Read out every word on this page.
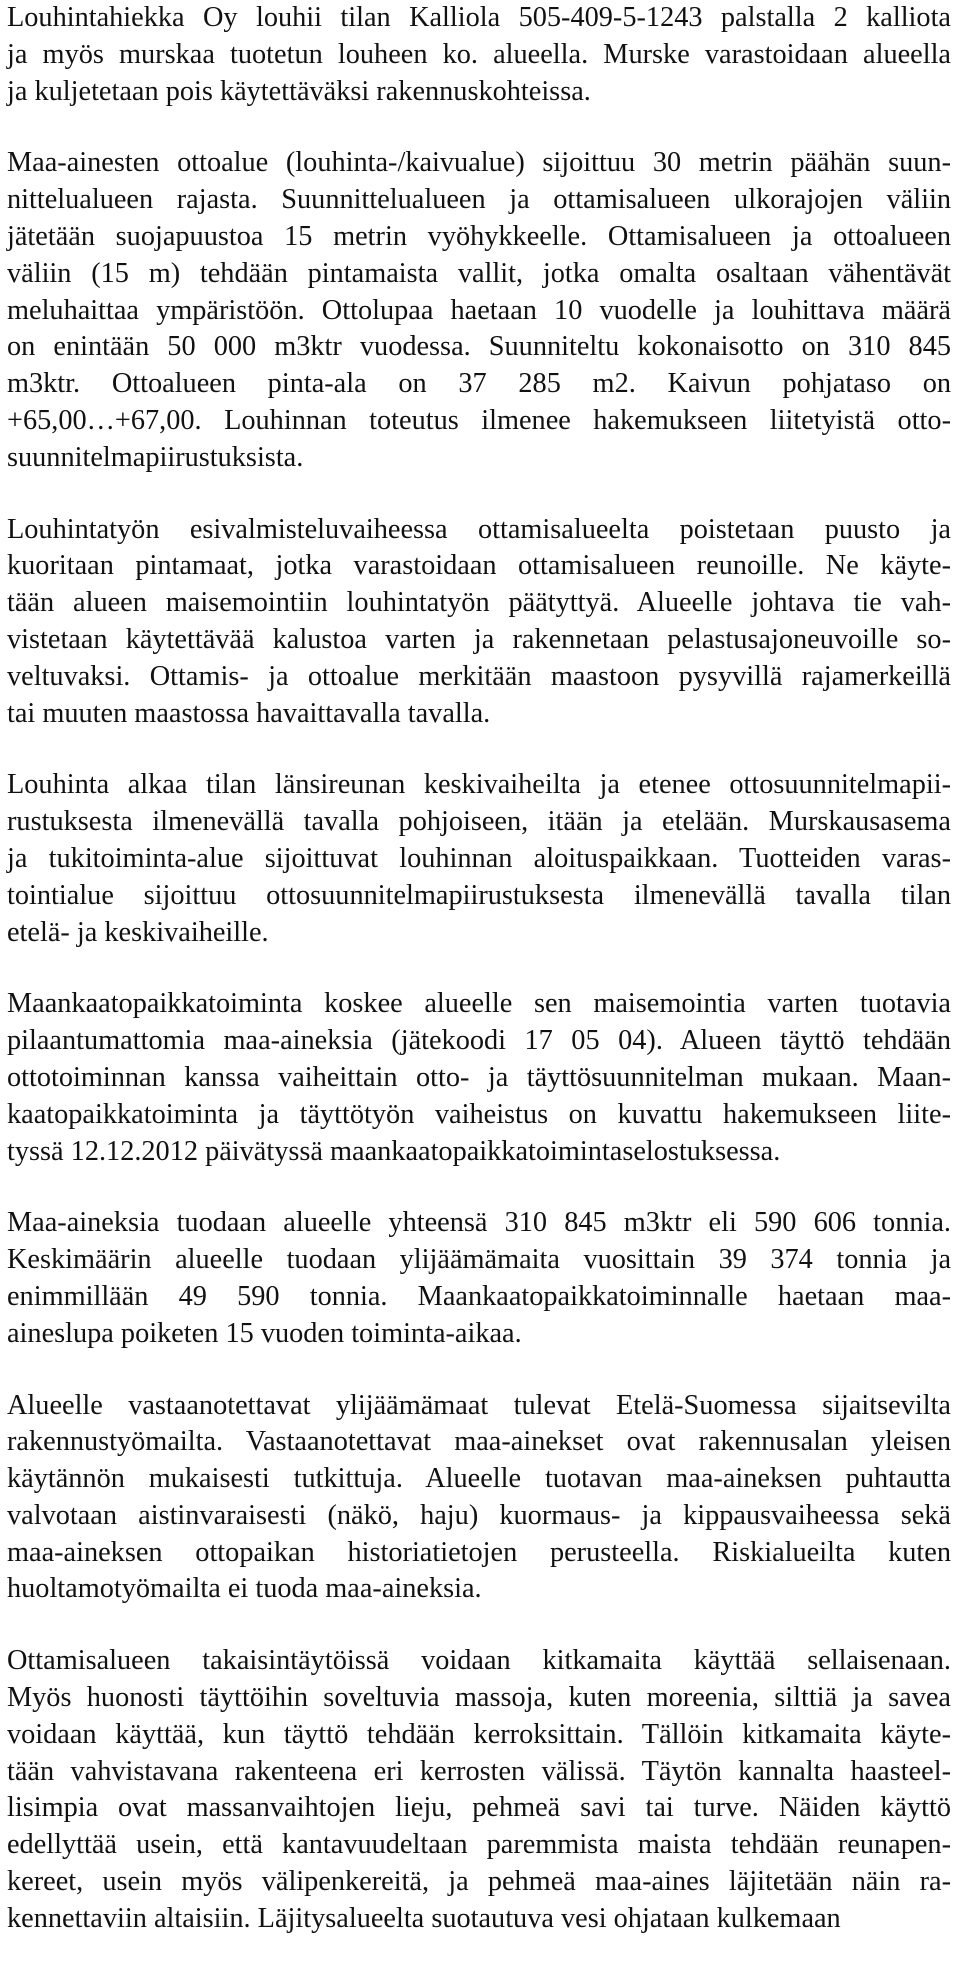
Louhintahiekka Oy louhii tilan Kalliola 505-409-5-1243 palstalla 2 kalliota
ja myös murskaa tuotetun louheen ko. alueella. Murske varastoidaan alueella
ja kuljetetaan pois käytettäväksi rakennuskohteissa.

Maa-ainesten ottoalue (louhinta-/kaivualue) sijoittuu 30 metrin päähän suun-
nittelualueen rajasta. Suunnittelualueen ja ottamisalueen ulkorajojen väliin
jätetään suojapuustoa 15 metrin vyöhykkeelle. Ottamisalueen ja ottoalueen
väliin (15 m) tehdään pintamaista vallit, jotka omalta osaltaan vähentävät
meluhaittaa ympäristöön. Ottolupaa haetaan 10 vuodelle ja louhittava määrä
on enintään 50 000 m3ktr vuodessa. Suunniteltu kokonaisotto on 310 845
m3ktr. Ottoalueen pinta-ala on 37 285 m2. Kaivun pohjataso on
+65,00…+67,00. Louhinnan toteutus ilmenee hakemukseen liitetyistä otto-
suunnitelmapiirustuksista.

Louhintatyön esivalmisteluvaiheessa ottamisalueelta poistetaan puusto ja
kuoritaan pintamaat, jotka varastoidaan ottamisalueen reunoille. Ne käyte-
tään alueen maisemointiin louhintatyön päätyttyä. Alueelle johtava tie vah-
vistetaan käytettävää kalustoa varten ja rakennetaan pelastusajoneuvoille so-
veltuvaksi. Ottamis- ja ottoalue merkitään maastoon pysyvillä rajamerkeillä
tai muuten maastossa havaittavalla tavalla.

Louhinta alkaa tilan länsireunan keskivaiheilta ja etenee ottosuunnitelmapii-
rustuksesta ilmenevällä tavalla pohjoiseen, itään ja etelään. Murskausasema
ja tukitoiminta-alue sijoittuvat louhinnan aloituspaikkaan. Tuotteiden varas-
tointialue sijoittuu ottosuunnitelmapiirustuksesta ilmenevällä tavalla tilan
etelä- ja keskivaiheille.

Maankaatopaikkatoiminta koskee alueelle sen maisemointia varten tuotavia
pilaantumattomia maa-aineksia (jätekoodi 17 05 04). Alueen täyttö tehdään
ottotoiminnan kanssa vaiheittain otto- ja täyttösuunnitelman mukaan. Maan-
kaatopaikkatoiminta ja täyttötyön vaiheistus on kuvattu hakemukseen liite-
tyssä 12.12.2012 päivätyssä maankaatopaikkatoimintaselostuksessa.

Maa-aineksia tuodaan alueelle yhteensä 310 845 m3ktr eli 590 606 tonnia.
Keskimäärin alueelle tuodaan ylijäämämaita vuosittain 39 374 tonnia ja
enimmillään 49 590 tonnia. Maankaatopaikkatoiminnalle haetaan maa-
aineslupa poiketen 15 vuoden toiminta-aikaa.

Alueelle vastaanotettavat ylijäämämaat tulevat Etelä-Suomessa sijaitsevilta
rakennustyömailta. Vastaanotettavat maa-ainekset ovat rakennusalan yleisen
käytännön mukaisesti tutkittuja. Alueelle tuotavan maa-aineksen puhtautta
valvotaan aistinvaraisesti (näkö, haju) kuormaus- ja kippausvaiheessa sekä
maa-aineksen ottopaikan historiatietojen perusteella. Riskialueilta kuten
huoltamotyömailta ei tuoda maa-aineksia.

Ottamisalueen takaisintäytöissä voidaan kitkamaita käyttää sellaisenaan.
Myös huonosti täyttöihin soveltuvia massoja, kuten moreenia, silttiä ja savea
voidaan käyttää, kun täyttö tehdään kerroksittain. Tällöin kitkamaita käyte-
tään vahvistavana rakenteena eri kerrosten välissä. Täytön kannalta haasteel-
lisimpia ovat massanvaihtojen lieju, pehmeä savi tai turve. Näiden käyttö
edellyttää usein, että kantavuudeltaan paremmista maista tehdään reunapen-
kereet, usein myös välipenkereitä, ja pehmeä maa-aines läjitetään näin ra-
kennettaviin altaisiin. Läjitysalueelta suotautuva vesi ohjataan kulkemaan
